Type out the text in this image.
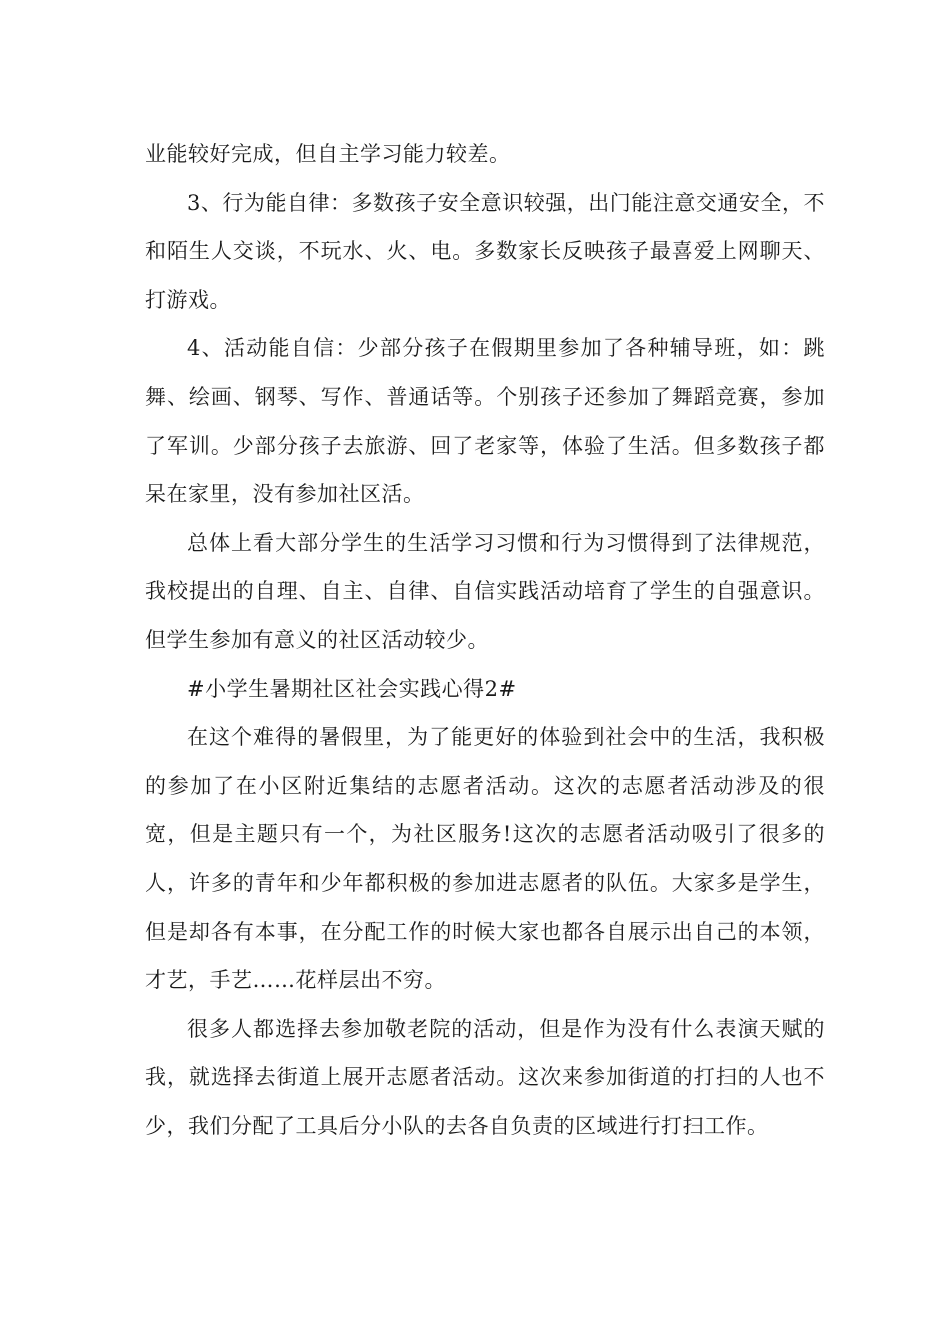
业能较好完成，但自主学习能力较差。

3、行为能自律：多数孩子安全意识较强，出门能注意交通安全，不和陌生人交谈，不玩水、火、电。多数家长反映孩子最喜爱上网聊天、打游戏。

4、活动能自信：少部分孩子在假期里参加了各种辅导班，如：跳舞、绘画、钢琴、写作、普通话等。个别孩子还参加了舞蹈竞赛，参加了军训。少部分孩子去旅游、回了老家等，体验了生活。但多数孩子都呆在家里，没有参加社区活。

总体上看大部分学生的生活学习习惯和行为习惯得到了法律规范，我校提出的自理、自主、自律、自信实践活动培育了学生的自强意识。但学生参加有意义的社区活动较少。

#小学生暑期社区社会实践心得2#

在这个难得的暑假里，为了能更好的体验到社会中的生活，我积极的参加了在小区附近集结的志愿者活动。这次的志愿者活动涉及的很宽，但是主题只有一个，为社区服务!这次的志愿者活动吸引了很多的人，许多的青年和少年都积极的参加进志愿者的队伍。大家多是学生，但是却各有本事，在分配工作的时候大家也都各自展示出自己的本领，才艺，手艺……花样层出不穷。

很多人都选择去参加敬老院的活动，但是作为没有什么表演天赋的我，就选择去街道上展开志愿者活动。这次来参加街道的打扫的人也不少，我们分配了工具后分小队的去各自负责的区域进行打扫工作。
